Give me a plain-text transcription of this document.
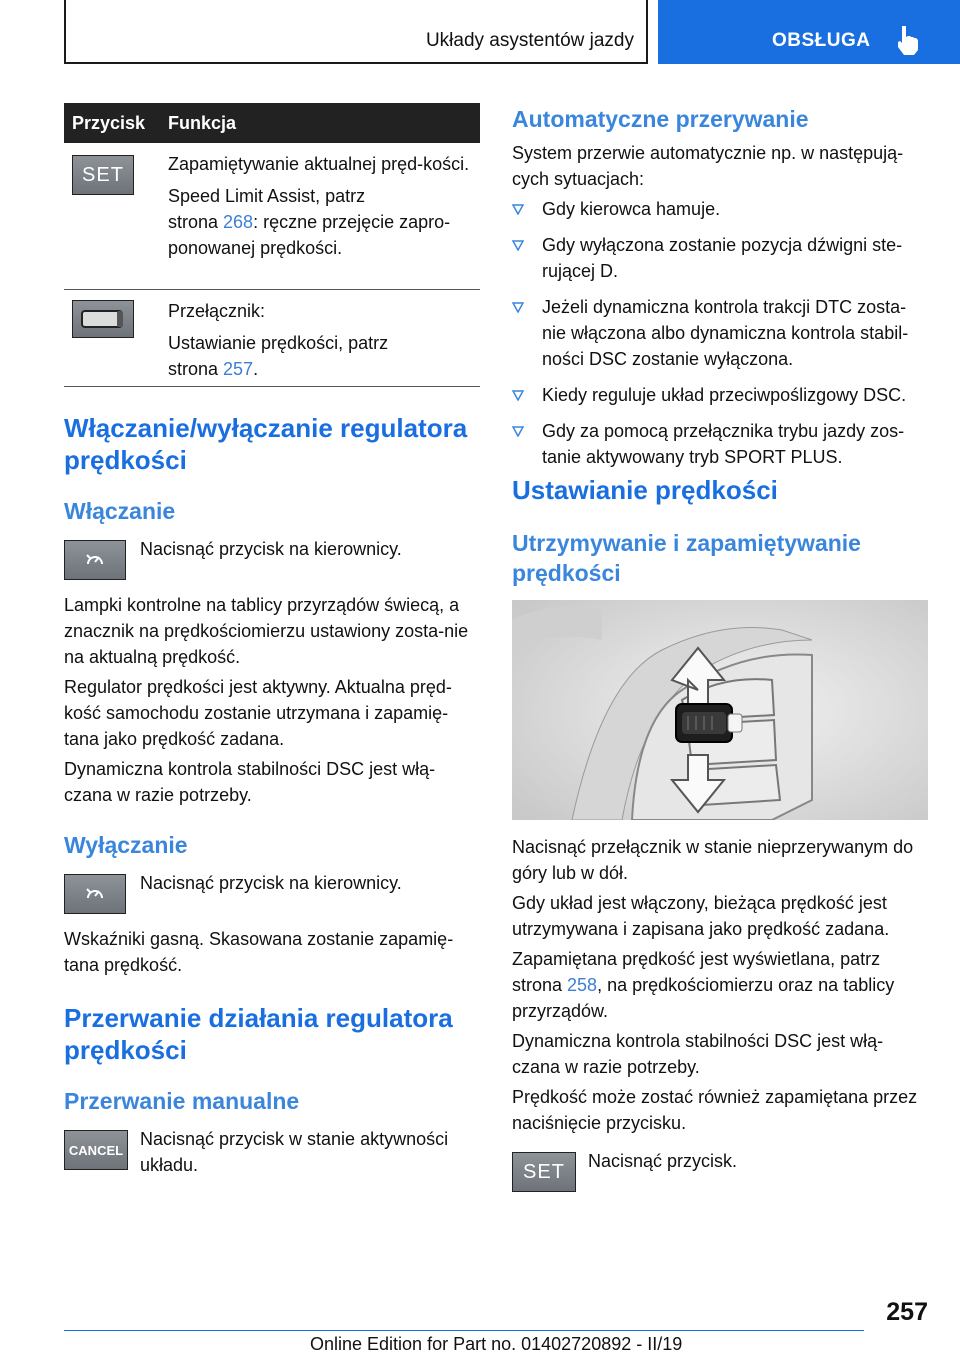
Układy asystentów jazdy	OBSŁUGA
Przycisk Funkcja
SET Zapamiętywanie aktualnej pręd-kości.

Speed Limit Assist, patrz
strona 268: ręczne przejęcie zapro-ponowanej prędkości.

Przełącznik:

Ustawianie prędkości, patrz
strona 257.

Włączanie/wyłączanie regulatora prędkości
Włączanie

Nacisnąć przycisk na kierownicy.

Lampki kontrolne na tablicy przyrządów świecą, a znacznik na prędkościomierzu ustawiony zosta-nie na aktualną prędkość.

Regulator prędkości jest aktywny. Aktualna pręd-kość samochodu zostanie utrzymana i zapamię-tana jako prędkość zadana.

Dynamiczna kontrola stabilności DSC jest włą-czana w razie potrzeby.

Wyłączanie

Nacisnąć przycisk na kierownicy.

Wskaźniki gasną. Skasowana zostanie zapamię-tana prędkość.

Przerwanie działania regulatora prędkości
Przerwanie manualne
CANCEL

Nacisnąć przycisk w stanie aktywności układu.

Automatyczne przerywanie

System przerwie automatycznie np. w następują-cych sytuacjach:

Gdy kierowca hamuje.
Gdy wyłączona zostanie pozycja dźwigni ste-rującej D.
Jeżeli dynamiczna kontrola trakcji DTC zosta-nie włączona albo dynamiczna kontrola stabil-ności DSC zostanie wyłączona.
Kiedy reguluje układ przeciwpoślizgowy DSC.
Gdy za pomocą przełącznika trybu jazdy zos-tanie aktywowany tryb SPORT PLUS.
Ustawianie prędkości
Utrzymywanie i zapamiętywanie prędkości

Nacisnąć przełącznik w stanie nieprzerywanym do góry lub w dół.

Gdy układ jest włączony, bieżąca prędkość jest utrzymywana i zapisana jako prędkość zadana.

Zapamiętana prędkość jest wyświetlana, patrz
strona 258, na prędkościomierzu oraz na tablicy przyrządów.

Dynamiczna kontrola stabilności DSC jest włą-czana w razie potrzeby.

Prędkość może zostać również zapamiętana przez naciśnięcie przycisku.

SET Nacisnąć przycisk.

257
Online Edition for Part no. 01402720892 - II/19
